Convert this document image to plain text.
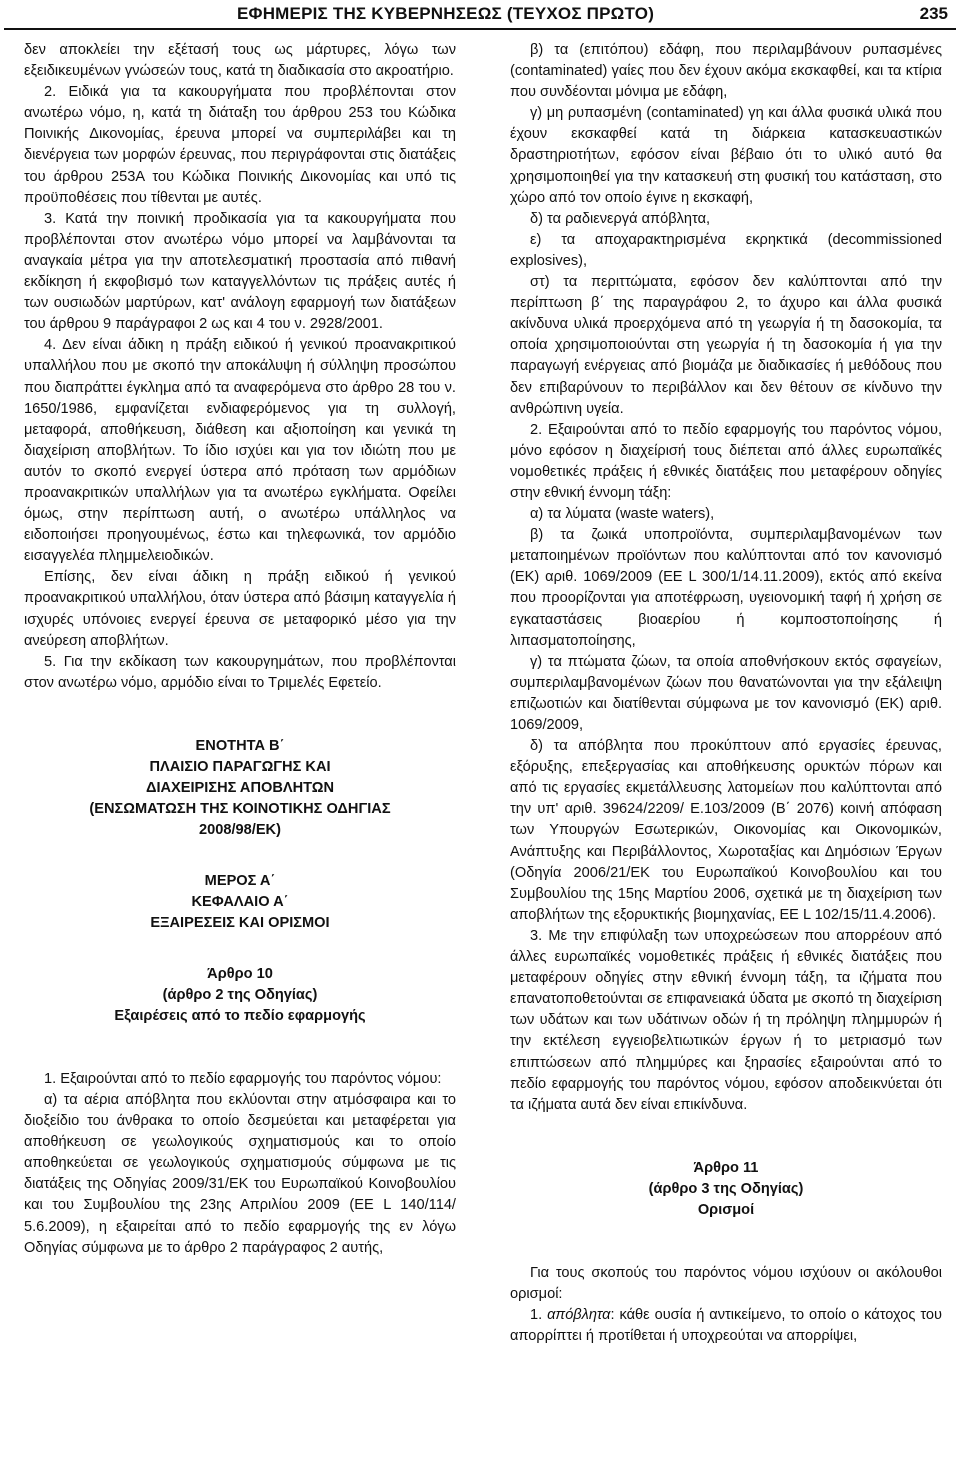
ΕΦΗΜΕΡΙΣ ΤΗΣ ΚΥΒΕΡΝΗΣΕΩΣ (ΤΕΥΧΟΣ ΠΡΩΤΟ)	235

δεν αποκλείει την εξέτασή τους ως μάρτυρες, λόγω των εξειδικευμένων γνώσεών τους, κατά τη διαδικασία στο ακροατήριο.

2. Ειδικά για τα κακουργήματα που προβλέπονται στον ανωτέρω νόμο, η, κατά τη διάταξη του άρθρου 253 του Κώδικα Ποινικής Δικονομίας, έρευνα μπορεί να συμπεριλάβει και τη διενέργεια των μορφών έρευνας, που περιγράφονται στις διατάξεις του άρθρου 253Α του Κώδικα Ποινικής Δικονομίας και υπό τις προϋποθέσεις που τίθενται με αυτές.

3. Κατά την ποινική προδικασία για τα κακουργήματα που προβλέπονται στον ανωτέρω νόμο μπορεί να λαμβάνονται τα αναγκαία μέτρα για την αποτελεσματική προστασία από πιθανή εκδίκηση ή εκφοβισμό των καταγγελλόντων τις πράξεις αυτές ή των ουσιωδών μαρτύρων, κατ' ανάλογη εφαρμογή των διατάξεων του άρθρου 9 παράγραφοι 2 ως και 4 του ν. 2928/2001.

4. Δεν είναι άδικη η πράξη ειδικού ή γενικού προανακριτικού υπαλλήλου που με σκοπό την αποκάλυψη ή σύλληψη προσώπου που διαπράττει έγκλημα από τα αναφερόμενα στο άρθρο 28 του ν. 1650/1986, εμφανίζεται ενδιαφερόμενος για τη συλλογή, μεταφορά, αποθήκευση, διάθεση και αξιοποίηση και γενικά τη διαχείριση αποβλήτων. Το ίδιο ισχύει και για τον ιδιώτη που με αυτόν το σκοπό ενεργεί ύστερα από πρόταση των αρμόδιων προανακριτικών υπαλλήλων για τα ανωτέρω εγκλήματα. Οφείλει όμως, στην περίπτωση αυτή, ο ανωτέρω υπάλληλος να ειδοποιήσει προηγουμένως, έστω και τηλεφωνικά, τον αρμόδιο εισαγγελέα πλημμελειοδικών.

Επίσης, δεν είναι άδικη η πράξη ειδικού ή γενικού προανακριτικού υπαλλήλου, όταν ύστερα από βάσιμη καταγγελία ή ισχυρές υπόνοιες ενεργεί έρευνα σε μεταφορικό μέσο για την ανεύρεση αποβλήτων.

5. Για την εκδίκαση των κακουργημάτων, που προβλέπονται στον ανωτέρω νόμο, αρμόδιο είναι το Τριμελές Εφετείο.

ΕΝΟΤΗΤΑ Β΄
ΠΛΑΙΣΙΟ ΠΑΡΑΓΩΓΗΣ ΚΑΙ
ΔΙΑΧΕΙΡΙΣΗΣ ΑΠΟΒΛΗΤΩΝ
(ΕΝΣΩΜΑΤΩΣΗ ΤΗΣ ΚΟΙΝΟΤΙΚΗΣ ΟΔΗΓΙΑΣ
2008/98/ΕΚ)
ΜΕΡΟΣ Α΄
ΚΕΦΑΛΑΙΟ Α΄
ΕΞΑΙΡΕΣΕΙΣ ΚΑΙ ΟΡΙΣΜΟΙ
Άρθρο 10
(άρθρο 2 της Οδηγίας)
Εξαιρέσεις από το πεδίο εφαρμογής

1. Εξαιρούνται από το πεδίο εφαρμογής του παρόντος νόμου:

α) τα αέρια απόβλητα που εκλύονται στην ατμόσφαιρα και το διοξείδιο του άνθρακα το οποίο δεσμεύεται και μεταφέρεται για αποθήκευση σε γεωλογικούς σχηματισμούς και το οποίο αποθηκεύεται σε γεωλογικούς σχηματισμούς σύμφωνα με τις διατάξεις της Οδηγίας 2009/31/ΕΚ του Ευρωπαϊκού Κοινοβουλίου και του Συμβουλίου της 23ης Απριλίου 2009 (EE L 140/114/ 5.6.2009), η εξαιρείται από το πεδίο εφαρμογής της εν λόγω Οδηγίας σύμφωνα με το άρθρο 2 παράγραφος 2 αυτής,

β) τα (επιτόπου) εδάφη, που περιλαμβάνουν ρυπασμένες (contaminated) γαίες που δεν έχουν ακόμα εκσκαφθεί, και τα κτίρια που συνδέονται μόνιμα με εδάφη,

γ) μη ρυπασμένη (contaminated) γη και άλλα φυσικά υλικά που έχουν εκσκαφθεί κατά τη διάρκεια κατασκευαστικών δραστηριοτήτων, εφόσον είναι βέβαιο ότι το υλικό αυτό θα χρησιμοποιηθεί για την κατασκευή στη φυσική του κατάσταση, στο χώρο από τον οποίο έγινε η εκσκαφή,

δ) τα ραδιενεργά απόβλητα,

ε) τα αποχαρακτηρισμένα εκρηκτικά (decommissioned explosives),

στ) τα περιττώματα, εφόσον δεν καλύπτονται από την περίπτωση β΄ της παραγράφου 2, το άχυρο και άλλα φυσικά ακίνδυνα υλικά προερχόμενα από τη γεωργία ή τη δασοκομία, τα οποία χρησιμοποιούνται στη γεωργία ή τη δασοκομία ή για την παραγωγή ενέργειας από βιομάζα με διαδικασίες ή μεθόδους που δεν επιβαρύνουν το περιβάλλον και δεν θέτουν σε κίνδυνο την ανθρώπινη υγεία.

2. Εξαιρούνται από το πεδίο εφαρμογής του παρόντος νόμου, μόνο εφόσον η διαχείρισή τους διέπεται από άλλες ευρωπαϊκές νομοθετικές πράξεις ή εθνικές διατάξεις που μεταφέρουν οδηγίες στην εθνική έννομη τάξη:

α) τα λύματα (waste waters),

β) τα ζωικά υποπροϊόντα, συμπεριλαμβανομένων των μεταποιημένων προϊόντων που καλύπτονται από τον κανονισμό (ΕΚ) αριθ. 1069/2009 (ΕΕ L 300/1/14.11.2009), εκτός από εκείνα που προορίζονται για αποτέφρωση, υγειονομική ταφή ή χρήση σε εγκαταστάσεις βιοαερίου ή κομποστοποίησης ή λιπασματοποίησης,

γ) τα πτώματα ζώων, τα οποία αποθνήσκουν εκτός σφαγείων, συμπεριλαμβανομένων ζώων που θανατώνονται για την εξάλειψη επιζωοτιών και διατίθενται σύμφωνα με τον κανονισμό (ΕΚ) αριθ. 1069/2009,

δ) τα απόβλητα που προκύπτουν από εργασίες έρευνας, εξόρυξης, επεξεργασίας και αποθήκευσης ορυκτών πόρων και από τις εργασίες εκμετάλλευσης λατομείων που καλύπτονται από την υπ' αριθ. 39624/2209/ Ε.103/2009 (Β΄ 2076) κοινή απόφαση των Υπουργών Εσωτερικών, Οικονομίας και Οικονομικών, Ανάπτυξης και Περιβάλλοντος, Χωροταξίας και Δημόσιων Έργων (Οδηγία 2006/21/ΕΚ του Ευρωπαϊκού Κοινοβουλίου και του Συμβουλίου της 15ης Μαρτίου 2006, σχετικά με τη διαχείριση των αποβλήτων της εξορυκτικής βιομηχανίας, ΕΕ L 102/15/11.4.2006).

3. Με την επιφύλαξη των υποχρεώσεων που απορρέουν από άλλες ευρωπαϊκές νομοθετικές πράξεις ή εθνικές διατάξεις που μεταφέρουν οδηγίες στην εθνική έννομη τάξη, τα ιζήματα που επανατοποθετούνται σε επιφανειακά ύδατα με σκοπό τη διαχείριση των υδάτων και των υδάτινων οδών ή τη πρόληψη πλημμυρών ή την εκτέλεση εγγειοβελτιωτικών έργων ή το μετριασμό των επιπτώσεων από πλημμύρες και ξηρασίες εξαιρούνται από το πεδίο εφαρμογής του παρόντος νόμου, εφόσον αποδεικνύεται ότι τα ιζήματα αυτά δεν είναι επικίνδυνα.

Άρθρο 11
(άρθρο 3 της Οδηγίας)
Ορισμοί

Για τους σκοπούς του παρόντος νόμου ισχύουν οι ακόλουθοι ορισμοί:

1. απόβλητα: κάθε ουσία ή αντικείμενο, το οποίο ο κάτοχος του απορρίπτει ή προτίθεται ή υποχρεούται να απορρίψει,
